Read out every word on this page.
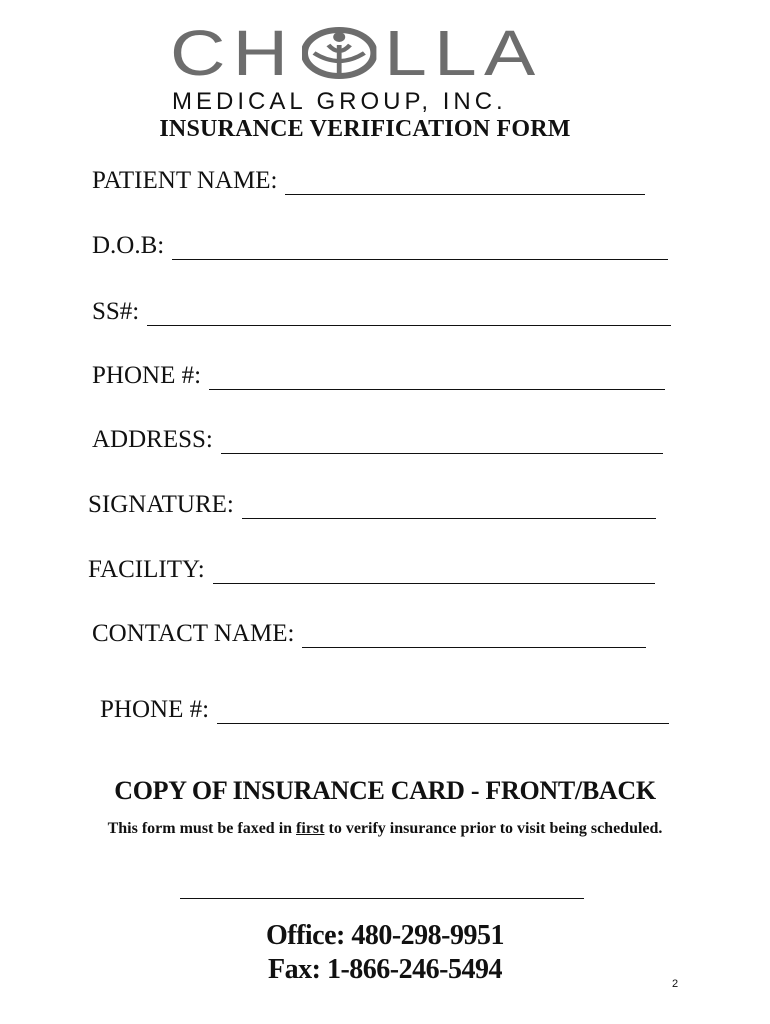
CH LLA
MEDICAL GROUP, INC.
INSURANCE VERIFICATION FORM
PATIENT NAME:
D.O.B:
SS#:
PHONE #:
ADDRESS:
SIGNATURE:
FACILITY:
CONTACT NAME:
PHONE #:
COPY OF INSURANCE CARD - FRONT/BACK
This form must be faxed in first to verify insurance prior to visit being scheduled.
Office: 480-298-9951
Fax: 1-866-246-5494	2
